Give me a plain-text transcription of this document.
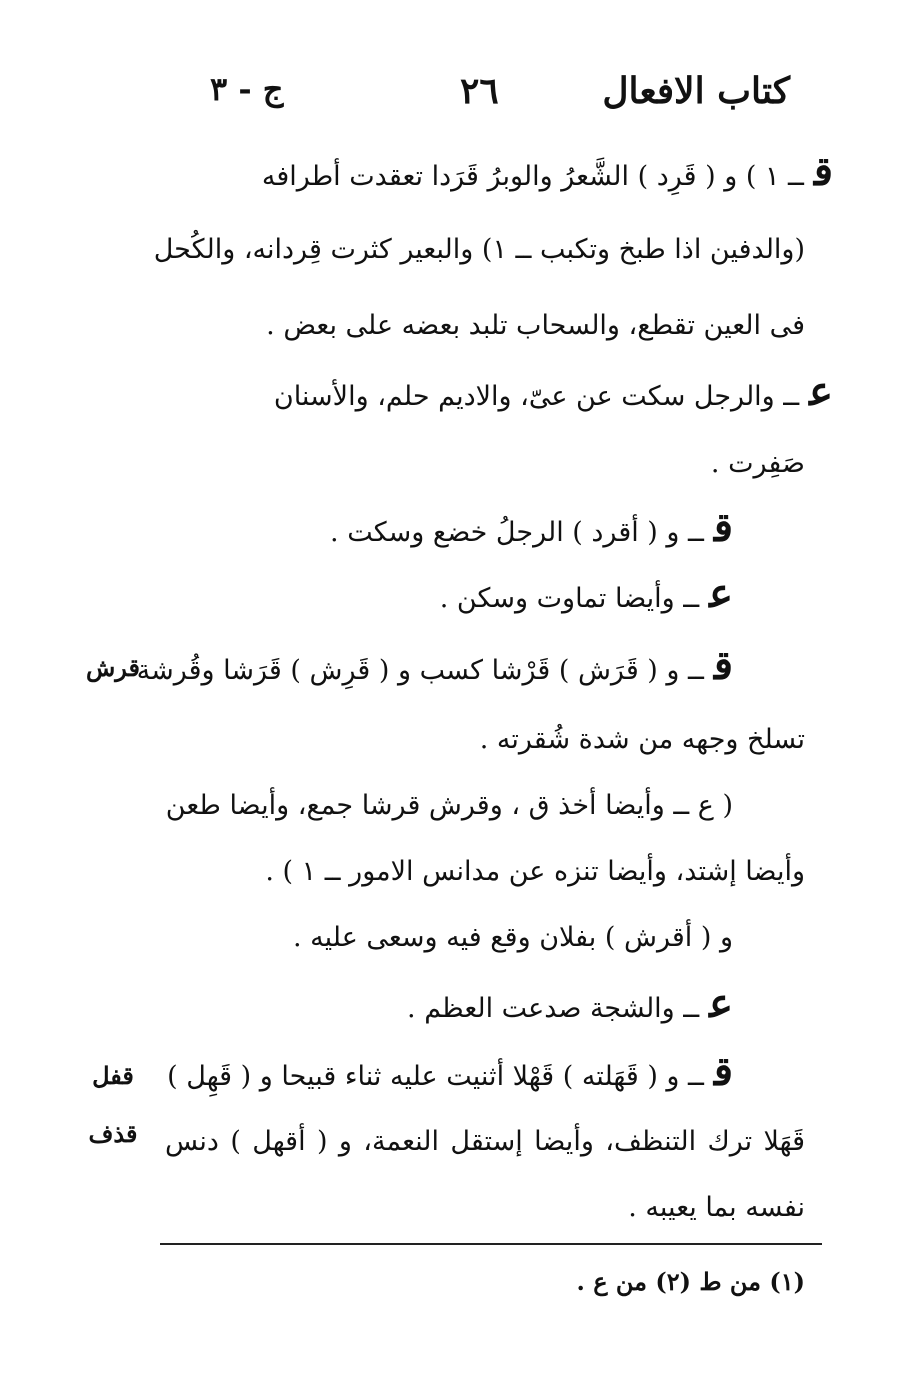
كتاب الافعال
٢٦
ج - ٣
قــ ١ ) و ( قَرِد ) الشَّعرُ والوبرُ قَرَدا تعقدت أطرافه
(والدفين اذا طبخ وتكبب ــ ١) والبعير كثرت قِردانه، والكُحل
فى العين تقطع، والسحاب تلبد بعضه على بعض .
عــ والرجل سكت عن عىّ، والاديم حلم، والأسنان
صَفِرت .
قــ و ( أقرد ) الرجلُ خضع وسكت .
عــ وأيضا تماوت وسكن .
قــ و ( قَرَش ) قَرْشا كسب و ( قَرِش ) قَرَشا وقُرشة
تسلخ وجهه من شدة شُقرته .
( ع ــ وأيضا أخذ ق ، وقرش قرشا جمع، وأيضا طعن
وأيضا إشتد، وأيضا تنزه عن مدانس الامور ــ ١ ) .
و ( أقرش ) بفلان وقع فيه وسعى عليه .
عــ والشجة صدعت العظم .
قــ و ( قَهَلته ) قَهْلا أثنيت عليه ثناء قبيحا و ( قَهِل )
قَهَلا ترك التنظف، وأيضا إستقل النعمة، و ( أقهل ) دنس
نفسه بما يعيبه .
قرش
قفل
قذف
(١) من ط (٢) من ع .
